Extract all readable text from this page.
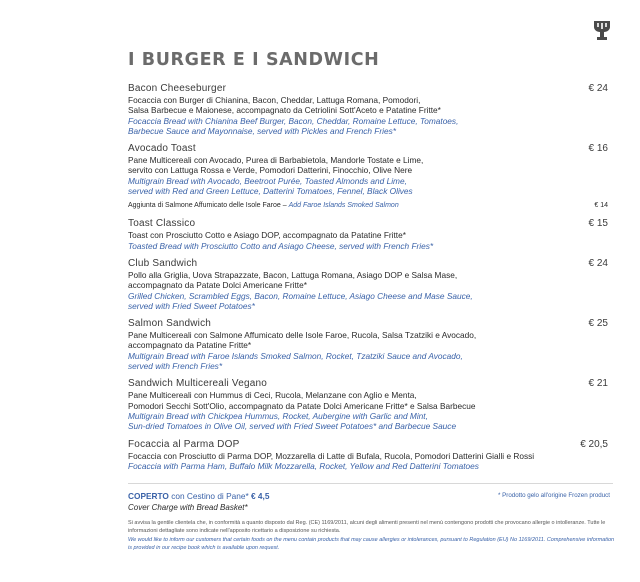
I BURGER E I SANDWICH
Bacon Cheeseburger	€ 24
Focaccia con Burger di Chianina, Bacon, Cheddar, Lattuga Romana, Pomodori,
Salsa Barbecue e Maionese, accompagnato da Cetriolini Sott'Aceto e Patatine Fritte*
Focaccia Bread with Chianina Beef Burger, Bacon, Cheddar, Romaine Lettuce, Tomatoes,
Barbecue Sauce and Mayonnaise, served with Pickles and French Fries*
Avocado Toast	€ 16
Pane Multicereali con Avocado, Purea di Barbabietola, Mandorle Tostate e Lime,
servito con Lattuga Rossa e Verde, Pomodori Datterini, Finocchio, Olive Nere
Multigrain Bread with Avocado, Beetroot Purée, Toasted Almonds and Lime,
served with Red and Green Lettuce, Datterini Tomatoes, Fennel, Black Olives
Aggiunta di Salmone Affumicato delle Isole Faroe – Add Faroe Islands Smoked Salmon	€ 14
Toast Classico	€ 15
Toast con Prosciutto Cotto e Asiago DOP, accompagnato da Patatine Fritte*
Toasted Bread with Prosciutto Cotto and Asiago Cheese, served with French Fries*
Club Sandwich	€ 24
Pollo alla Griglia, Uova Strapazzate, Bacon, Lattuga Romana, Asiago DOP e Salsa Mase,
accompagnato da Patate Dolci Americane Fritte*
Grilled Chicken, Scrambled Eggs, Bacon, Romaine Lettuce, Asiago Cheese and Mase Sauce,
served with Fried Sweet Potatoes*
Salmon Sandwich	€ 25
Pane Multicereali con Salmone Affumicato delle Isole Faroe, Rucola, Salsa Tzatziki e Avocado,
accompagnato da Patatine Fritte*
Multigrain Bread with Faroe Islands Smoked Salmon, Rocket, Tzatziki Sauce and Avocado,
served with French Fries*
Sandwich Multicereali Vegano	€ 21
Pane Multicereali con Hummus di Ceci, Rucola, Melanzane con Aglio e Menta,
Pomodori Secchi Sott'Olio, accompagnato da Patate Dolci Americane Fritte* e Salsa Barbecue
Multigrain Bread with Chickpea Hummus, Rocket, Aubergine with Garlic and Mint,
Sun-dried Tomatoes in Olive Oil, served with Fried Sweet Potatoes* and Barbecue Sauce
Focaccia al Parma DOP	€ 20,5
Focaccia con Prosciutto di Parma DOP, Mozzarella di Latte di Bufala, Rucola, Pomodori Datterini Gialli e Rossi
Focaccia with Parma Ham, Buffalo Milk Mozzarella, Rocket, Yellow and Red Datterini Tomatoes
COPERTO con Cestino di Pane* € 4,5
Cover Charge with Bread Basket*
* Prodotto gelo all'origine Frozen product
Si avvisa la gentile clientela che, in conformità a quanto disposto dal Reg. (CE) 1169/2011, alcuni degli alimenti presenti nel menù contengono prodotti che provocano allergie o intolleranze. Tutte le informazioni dettagliate sono indicate nell'apposito ricettario a disposizione su richiesta.
We would like to inform our customers that certain foods on the menu contain products that may cause allergies or intolerances, pursuant to Regulation (EU) No 1169/2011. Comprehensive information is provided in our recipe book which is available upon request.
